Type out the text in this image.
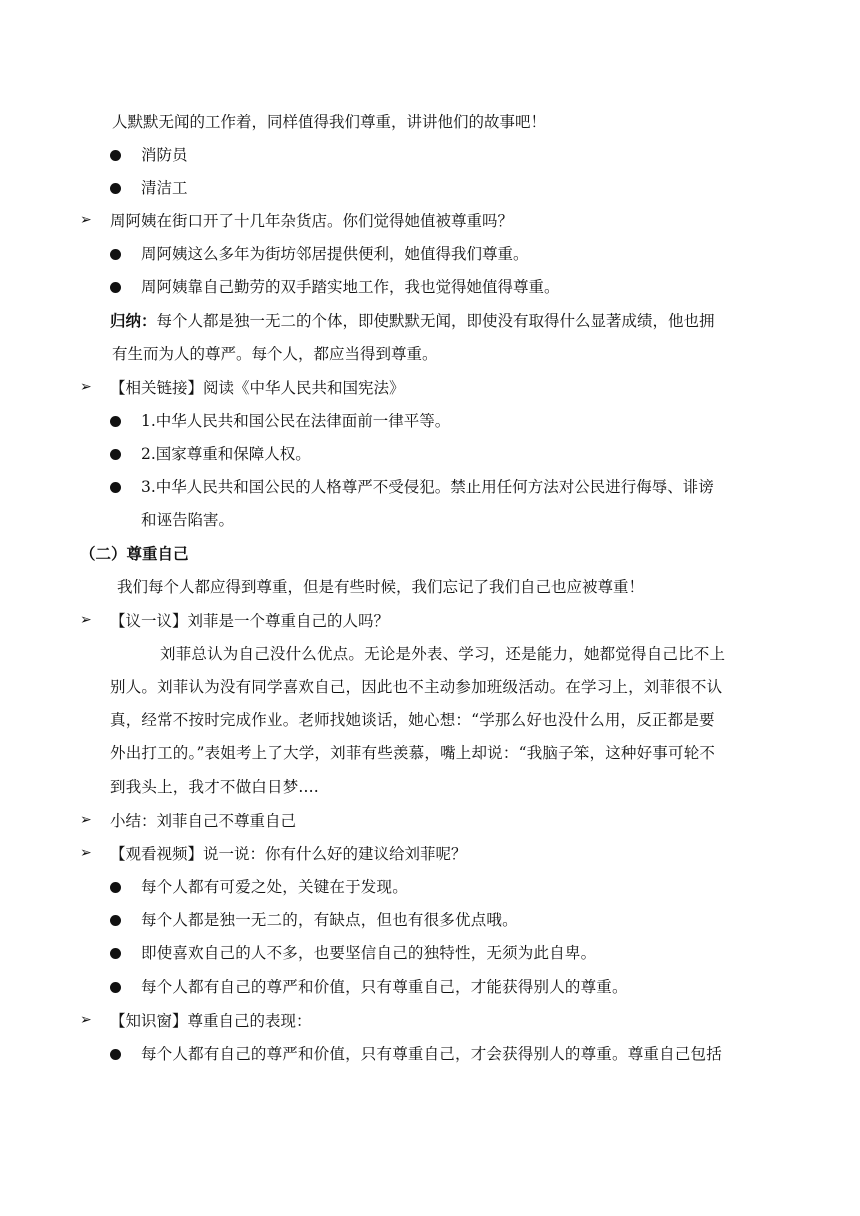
人默默无闻的工作着，同样值得我们尊重，讲讲他们的故事吧！
消防员
清洁工
➢ 周阿姨在街口开了十几年杂货店。你们觉得她值被尊重吗？
周阿姨这么多年为街坊邻居提供便利，她值得我们尊重。
周阿姨靠自己勤劳的双手踏实地工作，我也觉得她值得尊重。
归纳：每个人都是独一无二的个体，即使默默无闻，即使没有取得什么显著成绩，他也拥
有生而为人的尊严。每个人，都应当得到尊重。
➢ 【相关链接】阅读《中华人民共和国宪法》
1.中华人民共和国公民在法律面前一律平等。
2.国家尊重和保障人权。
3.中华人民共和国公民的人格尊严不受侵犯。禁止用任何方法对公民进行侮辱、诽谤
和诬告陷害。
（二）尊重自己
我们每个人都应得到尊重，但是有些时候，我们忘记了我们自己也应被尊重！
➢ 【议一议】刘菲是一个尊重自己的人吗？
刘菲总认为自己没什么优点。无论是外表、学习，还是能力，她都觉得自己比不上
别人。刘菲认为没有同学喜欢自己，因此也不主动参加班级活动。在学习上，刘菲很不认
真，经常不按时完成作业。老师找她谈话，她心想：“学那么好也没什么用，反正都是要
外出打工的。”表姐考上了大学，刘菲有些羡慕，嘴上却说：“我脑子笨，这种好事可轮不
到我头上，我才不做白日梦....
➢ 小结：刘菲自己不尊重自己
➢ 【观看视频】说一说：你有什么好的建议给刘菲呢？
每个人都有可爱之处，关键在于发现。
每个人都是独一无二的，有缺点，但也有很多优点哦。
即使喜欢自己的人不多，也要坚信自己的独特性，无须为此自卑。
每个人都有自己的尊严和价值，只有尊重自己，才能获得别人的尊重。
➢ 【知识窗】尊重自己的表现：
每个人都有自己的尊严和价值，只有尊重自己，才会获得别人的尊重。尊重自己包括
